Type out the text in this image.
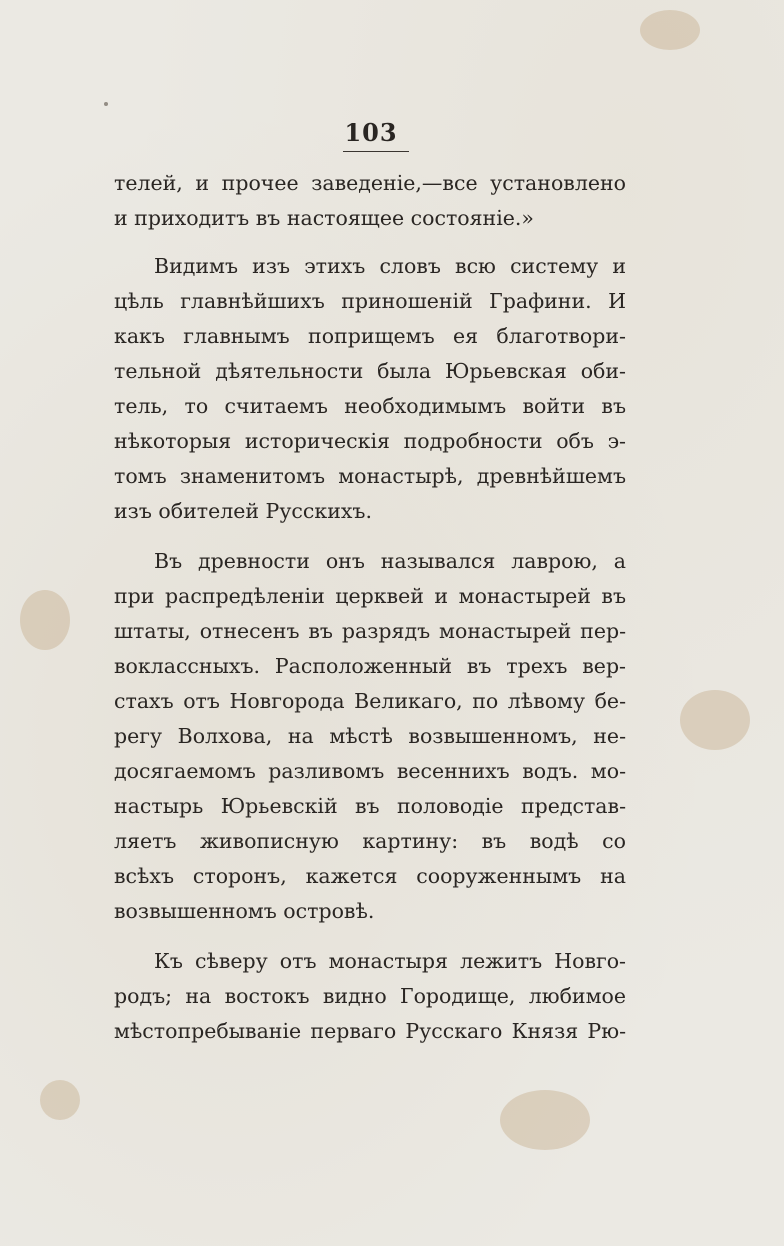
103
телей, и прочее заведеніе,—все установлено
и приходитъ въ настоящее состояніе.»
Видимъ изъ этихъ словъ всю систему и
цѣль главнѣйшихъ приношеній Графини. И
какъ главнымъ поприщемъ ея благотвори-
тельной дѣятельности была Юрьевская оби-
тель, то считаемъ необходимымъ войти въ
нѣкоторыя историческія подробности объ э-
томъ знаменитомъ монастырѣ, древнѣйшемъ
изъ обителей Русскихъ.
Въ древности онъ назывался лаврою, а
при распредѣленіи церквей и монастырей въ
штаты, отнесенъ въ разрядъ монастырей пер-
воклассныхъ. Расположенный въ трехъ вер-
стахъ отъ Новгорода Великаго, по лѣвому бе-
регу Волхова, на мѣстѣ возвышенномъ, не-
досягаемомъ разливомъ весеннихъ водъ. мо-
настырь Юрьевскій въ половодіе представ-
ляетъ живописную картину: въ водѣ со
всѣхъ сторонъ, кажется сооруженнымъ на
возвышенномъ островѣ.
Къ сѣверу отъ монастыря лежитъ Новго-
родъ; на востокъ видно Городище, любимое
мѣстопребываніе перваго Русскаго Князя Рю-
